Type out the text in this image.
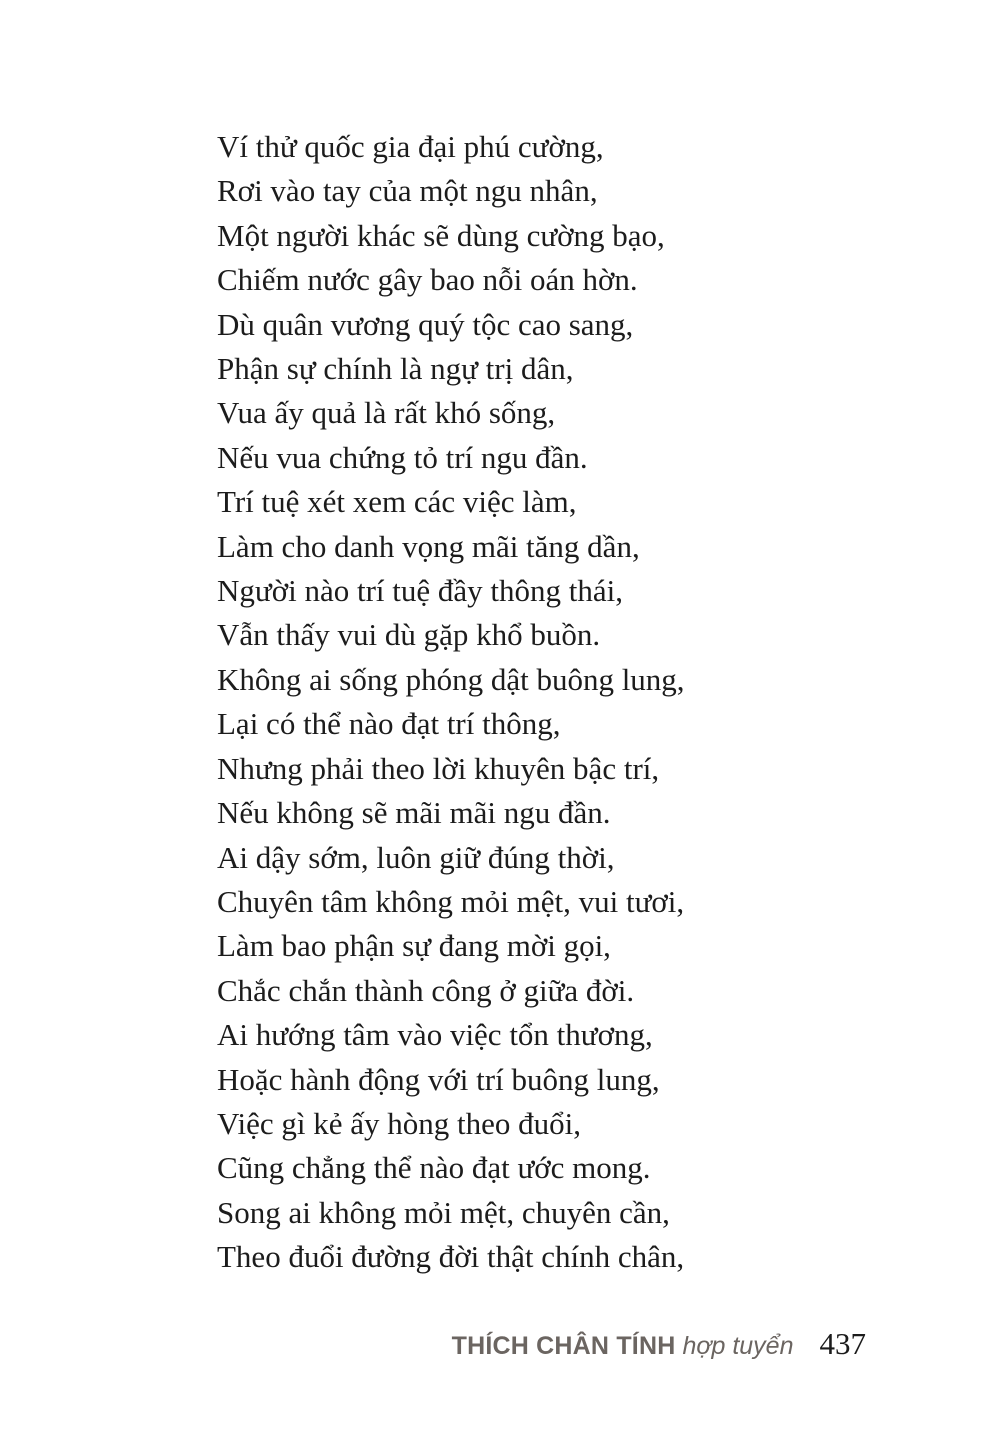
Ví thử quốc gia đại phú cường,
Rơi vào tay của một ngu nhân,
Một người khác sẽ dùng cường bạo,
Chiếm nước gây bao nỗi oán hờn.
Dù quân vương quý tộc cao sang,
Phận sự chính là ngự trị dân,
Vua ấy quả là rất khó sống,
Nếu vua chứng tỏ trí ngu đần.
Trí tuệ xét xem các việc làm,
Làm cho danh vọng mãi tăng dần,
Người nào trí tuệ đầy thông thái,
Vẫn thấy vui dù gặp khổ buồn.
Không ai sống phóng dật buông lung,
Lại có thể nào đạt trí thông,
Nhưng phải theo lời khuyên bậc trí,
Nếu không sẽ mãi mãi ngu đần.
Ai dậy sớm, luôn giữ đúng thời,
Chuyên tâm không mỏi mệt, vui tươi,
Làm bao phận sự đang mời gọi,
Chắc chắn thành công ở giữa đời.
Ai hướng tâm vào việc tổn thương,
Hoặc hành động với trí buông lung,
Việc gì kẻ ấy hòng theo đuổi,
Cũng chẳng thể nào đạt ước mong.
Song ai không mỏi mệt, chuyên cần,
Theo đuổi đường đời thật chính chân,
THÍCH CHÂN TÍNH hợp tuyển 437
